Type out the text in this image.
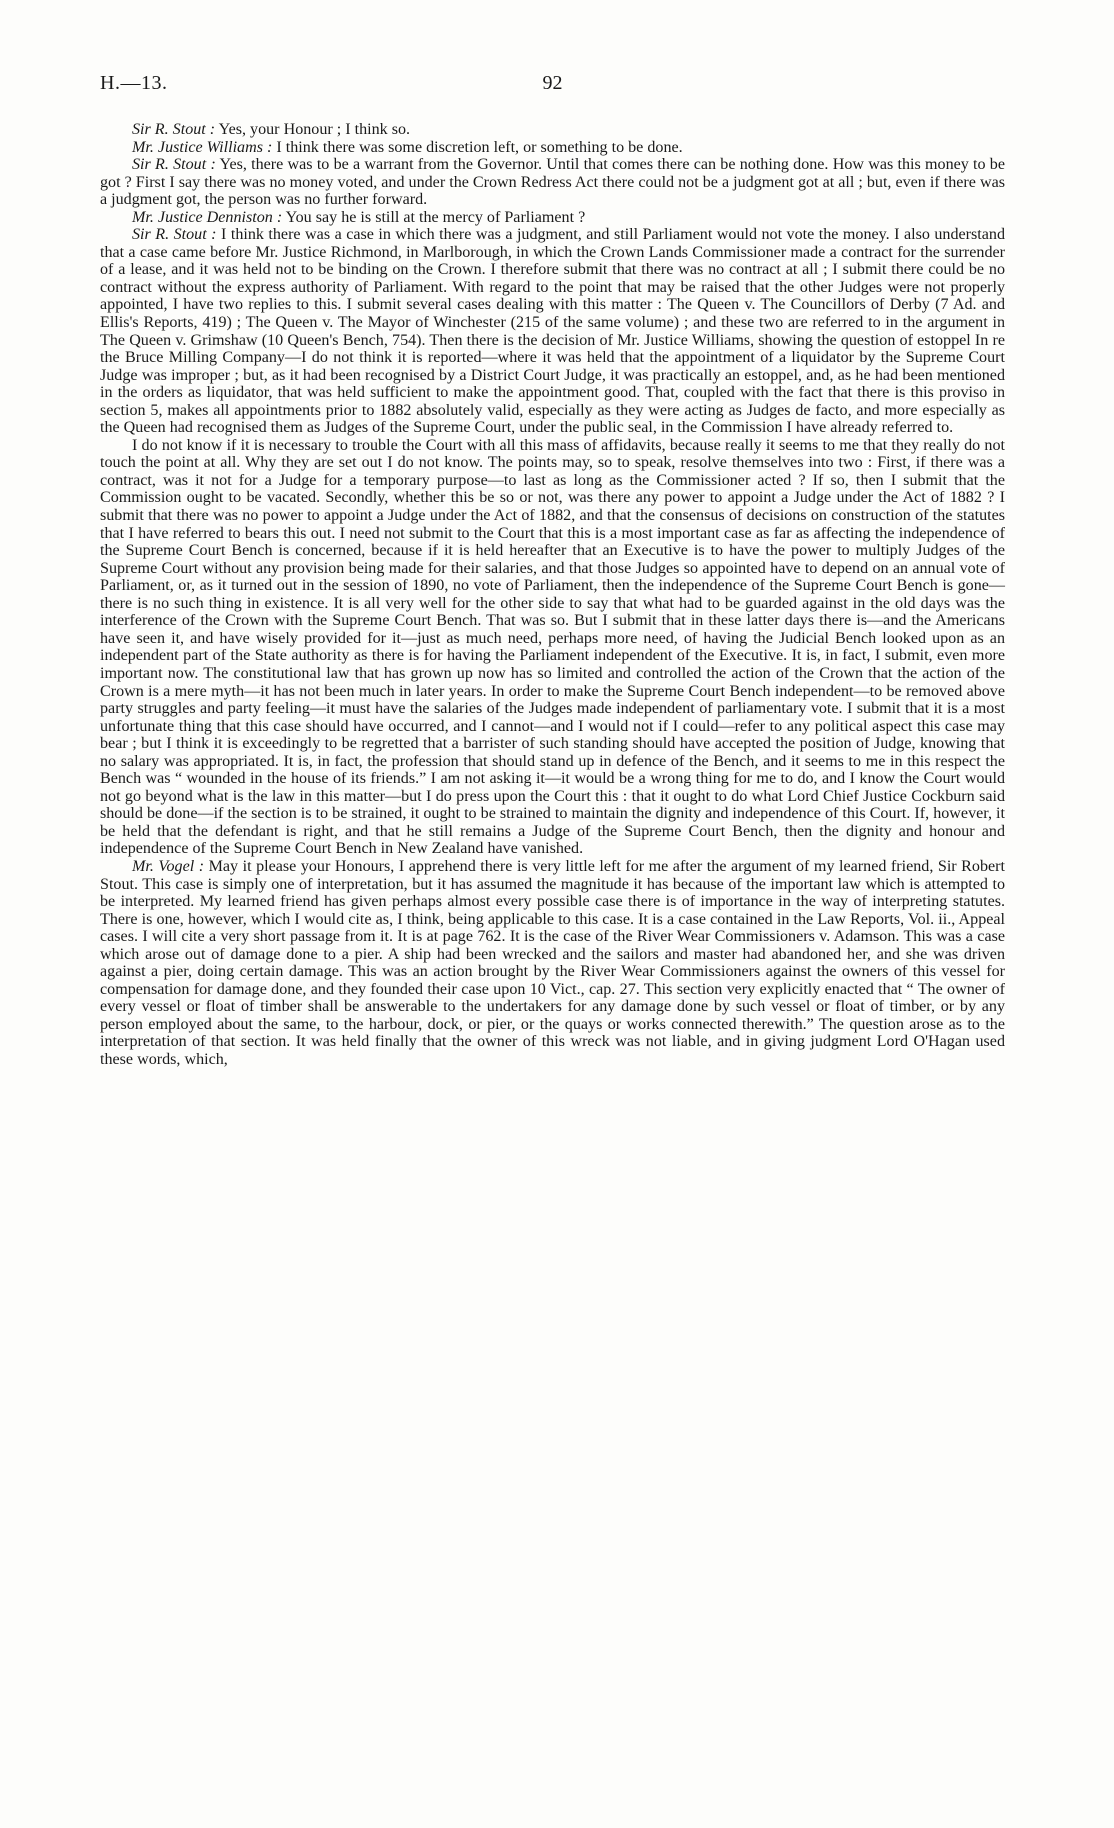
H.—13.	92

Sir R. Stout : Yes, your Honour ; I think so.

Mr. Justice Williams : I think there was some discretion left, or something to be done.

Sir R. Stout : Yes, there was to be a warrant from the Governor. Until that comes there can be nothing done. How was this money to be got ? First I say there was no money voted, and under the Crown Redress Act there could not be a judgment got at all ; but, even if there was a judgment got, the person was no further forward.

Mr. Justice Denniston : You say he is still at the mercy of Parliament ?

Sir R. Stout : I think there was a case in which there was a judgment, and still Parliament would not vote the money. I also understand that a case came before Mr. Justice Richmond, in Marlborough, in which the Crown Lands Commissioner made a contract for the surrender of a lease, and it was held not to be binding on the Crown. I therefore submit that there was no contract at all ; I submit there could be no contract without the express authority of Parliament. With regard to the point that may be raised that the other Judges were not properly appointed, I have two replies to this. I submit several cases dealing with this matter : The Queen v. The Councillors of Derby (7 Ad. and Ellis's Reports, 419) ; The Queen v. The Mayor of Winchester (215 of the same volume) ; and these two are referred to in the argument in The Queen v. Grimshaw (10 Queen's Bench, 754). Then there is the decision of Mr. Justice Williams, showing the question of estoppel In re the Bruce Milling Company—I do not think it is reported—where it was held that the appointment of a liquidator by the Supreme Court Judge was improper ; but, as it had been recognised by a District Court Judge, it was practically an estoppel, and, as he had been mentioned in the orders as liquidator, that was held sufficient to make the appointment good. That, coupled with the fact that there is this proviso in section 5, makes all appointments prior to 1882 absolutely valid, especially as they were acting as Judges de facto, and more especially as the Queen had recognised them as Judges of the Supreme Court, under the public seal, in the Commission I have already referred to.

I do not know if it is necessary to trouble the Court with all this mass of affidavits, because really it seems to me that they really do not touch the point at all. Why they are set out I do not know. The points may, so to speak, resolve themselves into two : First, if there was a contract, was it not for a Judge for a temporary purpose—to last as long as the Commissioner acted ? If so, then I submit that the Commission ought to be vacated. Secondly, whether this be so or not, was there any power to appoint a Judge under the Act of 1882 ? I submit that there was no power to appoint a Judge under the Act of 1882, and that the consensus of decisions on construction of the statutes that I have referred to bears this out. I need not submit to the Court that this is a most important case as far as affecting the independence of the Supreme Court Bench is concerned, because if it is held hereafter that an Executive is to have the power to multiply Judges of the Supreme Court without any provision being made for their salaries, and that those Judges so appointed have to depend on an annual vote of Parliament, or, as it turned out in the session of 1890, no vote of Parliament, then the independence of the Supreme Court Bench is gone—there is no such thing in existence. It is all very well for the other side to say that what had to be guarded against in the old days was the interference of the Crown with the Supreme Court Bench. That was so. But I submit that in these latter days there is—and the Americans have seen it, and have wisely provided for it—just as much need, perhaps more need, of having the Judicial Bench looked upon as an independent part of the State authority as there is for having the Parliament independent of the Executive. It is, in fact, I submit, even more important now. The constitutional law that has grown up now has so limited and controlled the action of the Crown that the action of the Crown is a mere myth—it has not been much in later years. In order to make the Supreme Court Bench independent—to be removed above party struggles and party feeling—it must have the salaries of the Judges made independent of parliamentary vote. I submit that it is a most unfortunate thing that this case should have occurred, and I cannot—and I would not if I could—refer to any political aspect this case may bear ; but I think it is exceedingly to be regretted that a barrister of such standing should have accepted the position of Judge, knowing that no salary was appropriated. It is, in fact, the profession that should stand up in defence of the Bench, and it seems to me in this respect the Bench was “ wounded in the house of its friends.” I am not asking it—it would be a wrong thing for me to do, and I know the Court would not go beyond what is the law in this matter—but I do press upon the Court this : that it ought to do what Lord Chief Justice Cockburn said should be done—if the section is to be strained, it ought to be strained to maintain the dignity and independence of this Court. If, however, it be held that the defendant is right, and that he still remains a Judge of the Supreme Court Bench, then the dignity and honour and independence of the Supreme Court Bench in New Zealand have vanished.

Mr. Vogel : May it please your Honours, I apprehend there is very little left for me after the argument of my learned friend, Sir Robert Stout. This case is simply one of interpretation, but it has assumed the magnitude it has because of the important law which is attempted to be interpreted. My learned friend has given perhaps almost every possible case there is of importance in the way of interpreting statutes. There is one, however, which I would cite as, I think, being applicable to this case. It is a case contained in the Law Reports, Vol. ii., Appeal cases. I will cite a very short passage from it. It is at page 762. It is the case of the River Wear Commissioners v. Adamson. This was a case which arose out of damage done to a pier. A ship had been wrecked and the sailors and master had abandoned her, and she was driven against a pier, doing certain damage. This was an action brought by the River Wear Commissioners against the owners of this vessel for compensation for damage done, and they founded their case upon 10 Vict., cap. 27. This section very explicitly enacted that “ The owner of every vessel or float of timber shall be answerable to the undertakers for any damage done by such vessel or float of timber, or by any person employed about the same, to the harbour, dock, or pier, or the quays or works connected therewith.” The question arose as to the interpretation of that section. It was held finally that the owner of this wreck was not liable, and in giving judgment Lord O'Hagan used these words, which,
